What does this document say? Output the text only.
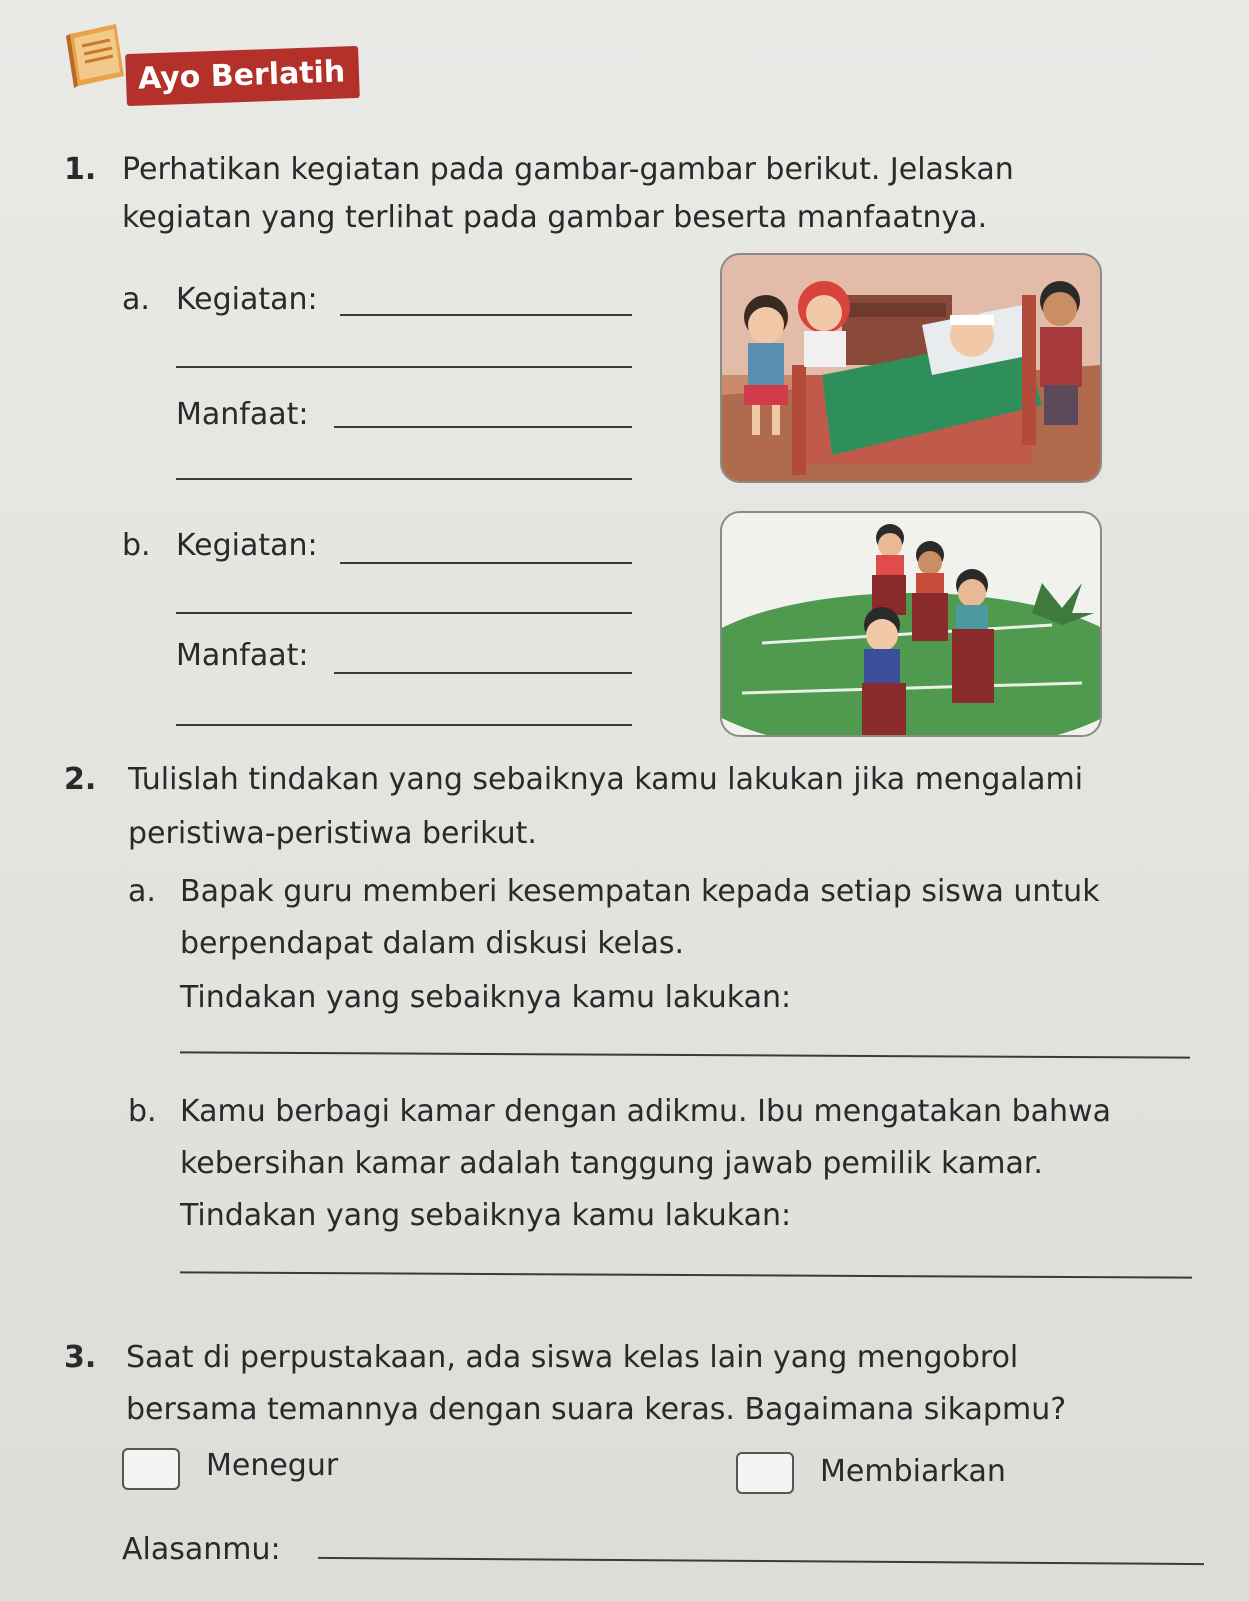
Ayo Berlatih
1. Perhatikan kegiatan pada gambar-gambar berikut. Jelaskan
kegiatan yang terlihat pada gambar beserta manfaatnya.
a. Kegiatan:
Manfaat:
b. Kegiatan:
Manfaat:
2. Tulislah tindakan yang sebaiknya kamu lakukan jika mengalami
peristiwa-peristiwa berikut.
a. Bapak guru memberi kesempatan kepada setiap siswa untuk
berpendapat dalam diskusi kelas.
Tindakan yang sebaiknya kamu lakukan:
b. Kamu berbagi kamar dengan adikmu. Ibu mengatakan bahwa
kebersihan kamar adalah tanggung jawab pemilik kamar.
Tindakan yang sebaiknya kamu lakukan:
3. Saat di perpustakaan, ada siswa kelas lain yang mengobrol
bersama temannya dengan suara keras. Bagaimana sikapmu?
Menegur	Membiarkan
Alasanmu:
